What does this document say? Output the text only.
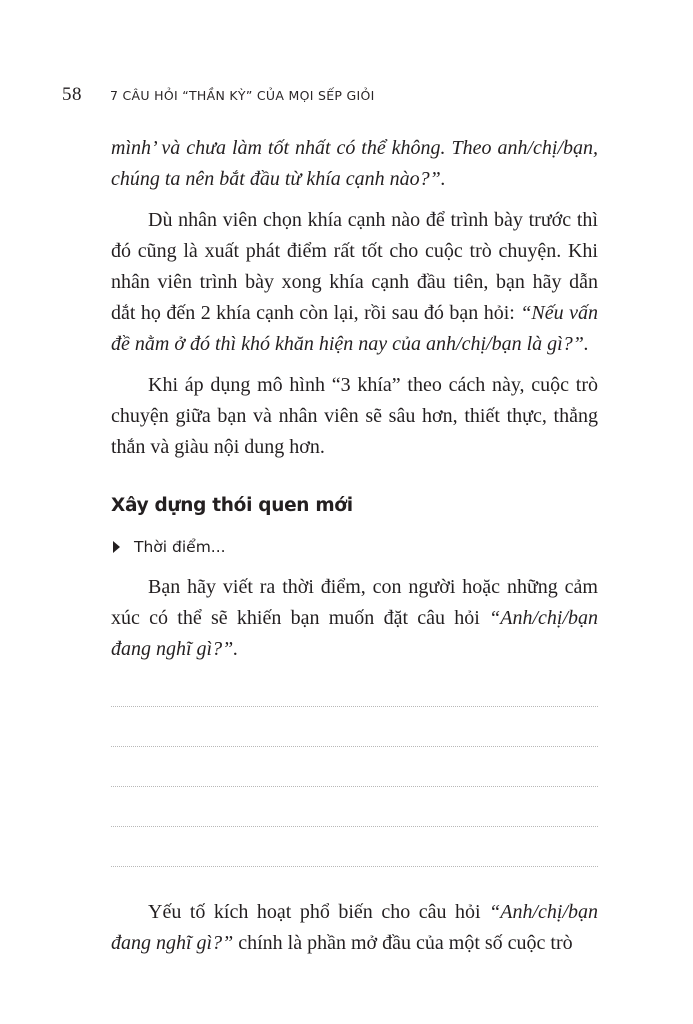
58	7 CÂU HỎI “THẦN KỲ” CỦA MỌI SẾP GIỎI

mình’ và chưa làm tốt nhất có thể không. Theo anh/chị/bạn, chúng ta nên bắt đầu từ khía cạnh nào?”.

Dù nhân viên chọn khía cạnh nào để trình bày trước thì đó cũng là xuất phát điểm rất tốt cho cuộc trò chuyện. Khi nhân viên trình bày xong khía cạnh đầu tiên, bạn hãy dẫn dắt họ đến 2 khía cạnh còn lại, rồi sau đó bạn hỏi: “Nếu vấn đề nằm ở đó thì khó khăn hiện nay của anh/chị/bạn là gì?”.

Khi áp dụng mô hình “3 khía” theo cách này, cuộc trò chuyện giữa bạn và nhân viên sẽ sâu hơn, thiết thực, thẳng thắn và giàu nội dung hơn.

Xây dựng thói quen mới
Thời điểm...

Bạn hãy viết ra thời điểm, con người hoặc những cảm xúc có thể sẽ khiến bạn muốn đặt câu hỏi “Anh/chị/bạn đang nghĩ gì?”.

Yếu tố kích hoạt phổ biến cho câu hỏi “Anh/chị/bạn đang nghĩ gì?” chính là phần mở đầu của một số cuộc trò
